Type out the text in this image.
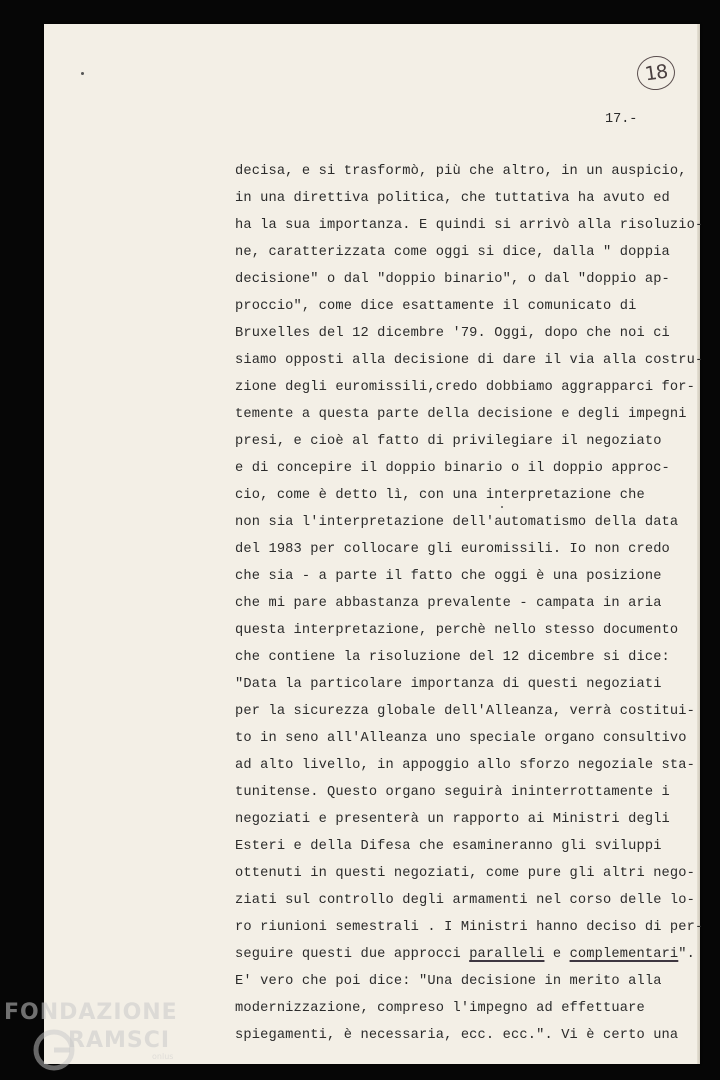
18
17.-
decisa, e si trasformò, più che altro, in un auspicio,
in una direttiva politica, che tuttativa ha avuto ed
ha la sua importanza. E quindi si arrivò alla risoluzio-
ne, caratterizzata come oggi si dice, dalla " doppia
decisione" o dal "doppio binario", o dal "doppio ap-
proccio", come dice esattamente il comunicato di
Bruxelles del 12 dicembre '79. Oggi, dopo che noi ci
siamo opposti alla decisione di dare il via alla costru-
zione degli euromissili,credo dobbiamo aggrapparci for-
temente a questa parte della decisione e degli impegni
presi, e cioè al fatto di privilegiare il negoziato
e di concepire il doppio binario o il doppio approc-
cio, come è detto lì, con una interpretazione che
non sia l'interpretazione dell'automatismo della data
del 1983 per collocare gli euromissili. Io non credo
che sia - a parte il fatto che oggi è una posizione
che mi pare abbastanza prevalente - campata in aria
questa interpretazione, perchè nello stesso documento
che contiene la risoluzione del 12 dicembre si dice:
"Data la particolare importanza di questi negoziati
per la sicurezza globale dell'Alleanza, verrà costitui-
to in seno all'Alleanza uno speciale organo consultivo
ad alto livello, in appoggio allo sforzo negoziale sta-
tunitense. Questo organo seguirà ininterrottamente i
negoziati e presenterà un rapporto ai Ministri degli
Esteri e della Difesa che esamineranno gli sviluppi
ottenuti in questi negoziati, come pure gli altri nego-
ziati sul controllo degli armamenti nel corso delle lo-
ro riunioni semestrali . I Ministri hanno deciso di per-
seguire questi due approcci paralleli e complementari".
E' vero che poi dice: "Una decisione in merito alla
modernizzazione, compreso l'impegno ad effettuare
spiegamenti, è necessaria, ecc. ecc.". Vi è certo una
FONDAZIONE
RAMSCI
onlus
